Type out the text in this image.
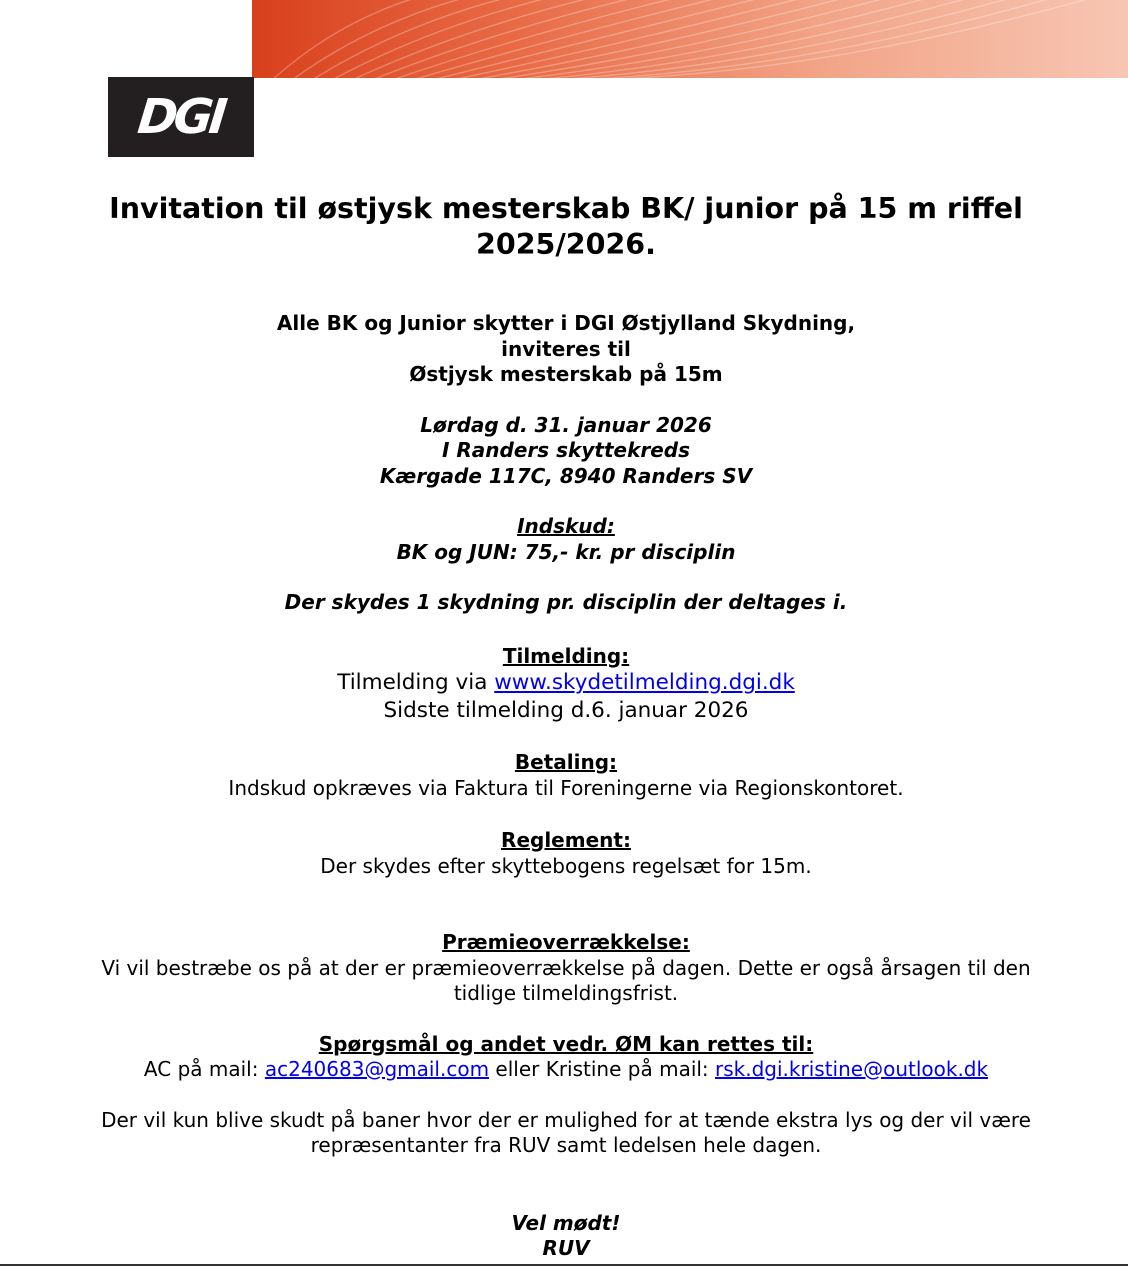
DGI
Invitation til østjysk mesterskab BK/ junior på 15 m riffel
2025/2026.
Alle BK og Junior skytter i DGI Østjylland Skydning,
inviteres til
Østjysk mesterskab på 15m
Lørdag d. 31. januar 2026
I Randers skyttekreds
Kærgade 117C, 8940 Randers SV
Indskud:
BK og JUN: 75,- kr. pr disciplin
Der skydes 1 skydning pr. disciplin der deltages i.
Tilmelding:
Tilmelding via www.skydetilmelding.dgi.dk
Sidste tilmelding d.6. januar 2026
Betaling:
Indskud opkræves via Faktura til Foreningerne via Regionskontoret.
Reglement:
Der skydes efter skyttebogens regelsæt for 15m.
Præmieoverrækkelse:
Vi vil bestræbe os på at der er præmieoverrækkelse på dagen. Dette er også årsagen til den
tidlige tilmeldingsfrist.
Spørgsmål og andet vedr. ØM kan rettes til:
AC på mail: ac240683@gmail.com eller Kristine på mail: rsk.dgi.kristine@outlook.dk
Der vil kun blive skudt på baner hvor der er mulighed for at tænde ekstra lys og der vil være
repræsentanter fra RUV samt ledelsen hele dagen.
Vel mødt!
RUV
